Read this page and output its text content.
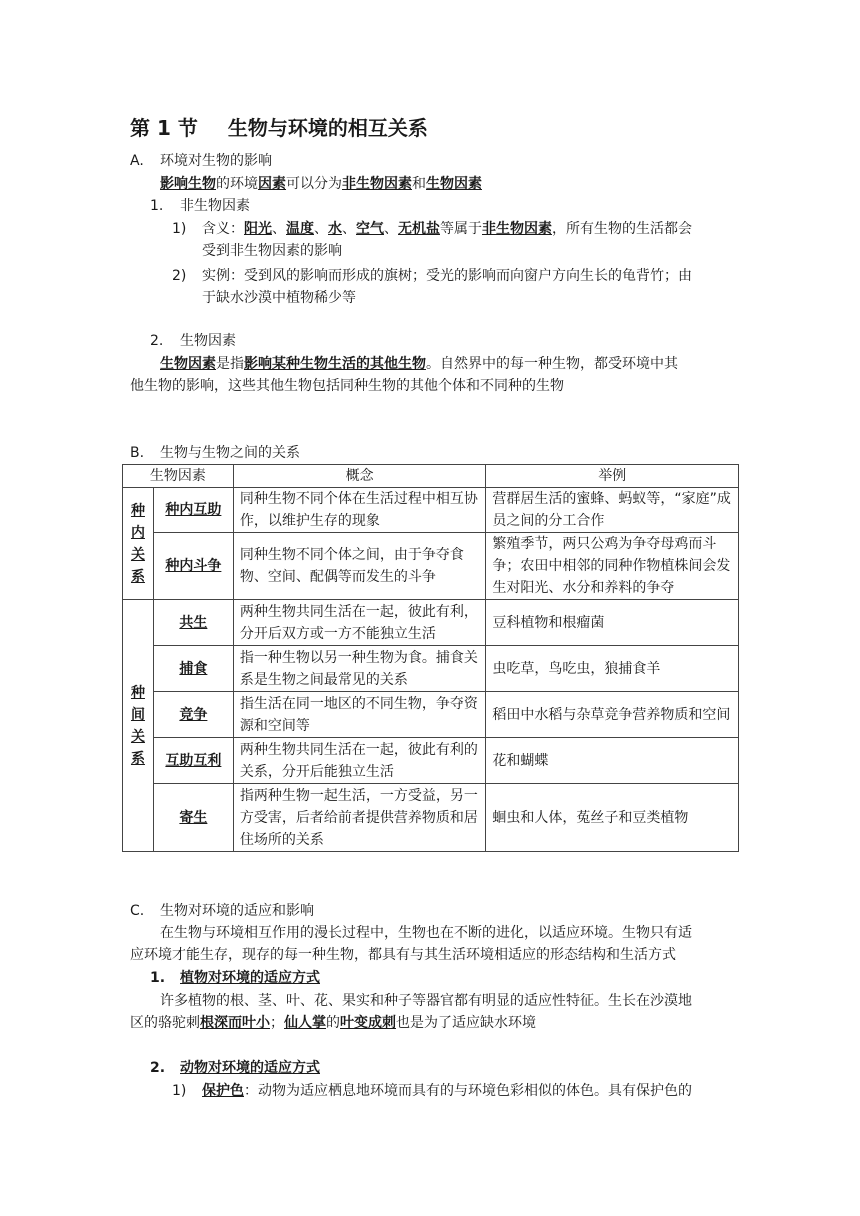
第 1 节 生物与环境的相互关系
A. 环境对生物的影响
影响生物的环境因素可以分为非生物因素和生物因素
1. 非生物因素
1) 含义：阳光、温度、水、空气、无机盐等属于非生物因素，所有生物的生活都会
受到非生物因素的影响
2) 实例：受到风的影响而形成的旗树；受光的影响而向窗户方向生长的龟背竹；由
于缺水沙漠中植物稀少等
2. 生物因素
生物因素是指影响某种生物生活的其他生物。自然界中的每一种生物，都受环境中其
他生物的影响，这些其他生物包括同种生物的其他个体和不同种的生物
B. 生物与生物之间的关系
生物因素		概念	举例

种
内
关
系	种内互助	同种生物不同个体在生活过程中相互协作，以维护生存的现象	营群居生活的蜜蜂、蚂蚁等，“家庭”成员之间的分工合作
	种内斗争	同种生物不同个体之间，由于争夺食物、空间、配偶等而发生的斗争	繁殖季节，两只公鸡为争夺母鸡而斗争；农田中相邻的同种作物植株间会发生对阳光、水分和养料的争夺

种
间
关
系	共生	两种生物共同生活在一起，彼此有利，分开后双方或一方不能独立生活	豆科植物和根瘤菌
	捕食	指一种生物以另一种生物为食。捕食关系是生物之间最常见的关系	虫吃草，鸟吃虫，狼捕食羊
	竞争	指生活在同一地区的不同生物，争夺资源和空间等	稻田中水稻与杂草竞争营养物质和空间
	互助互利	两种生物共同生活在一起，彼此有利的关系，分开后能独立生活	花和蝴蝶
	寄生	指两种生物一起生活，一方受益，另一方受害，后者给前者提供营养物质和居住场所的关系	蛔虫和人体，菟丝子和豆类植物
C. 生物对环境的适应和影响
在生物与环境相互作用的漫长过程中，生物也在不断的进化，以适应环境。生物只有适
应环境才能生存，现存的每一种生物，都具有与其生活环境相适应的形态结构和生活方式
1. 植物对环境的适应方式
许多植物的根、茎、叶、花、果实和种子等器官都有明显的适应性特征。生长在沙漠地
区的骆驼刺根深而叶小；仙人掌的叶变成刺也是为了适应缺水环境
2. 动物对环境的适应方式
1) 保护色：动物为适应栖息地环境而具有的与环境色彩相似的体色。具有保护色的
